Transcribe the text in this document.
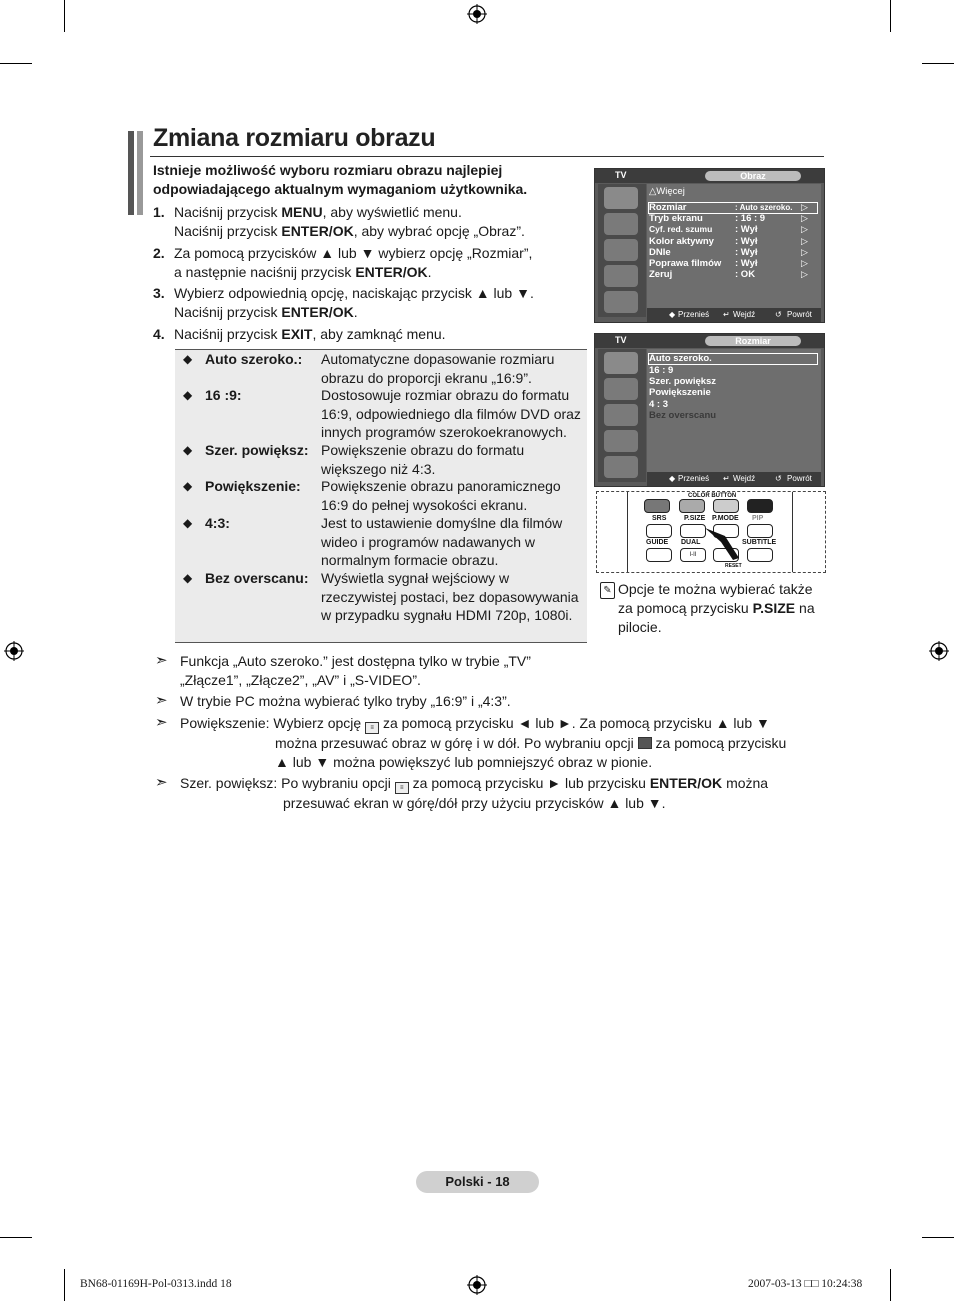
Zmiana rozmiaru obrazu
Istnieje możliwość wyboru rozmiaru obrazu najlepiej odpowiadającego aktualnym wymaganiom użytkownika.
1. Naciśnij przycisk MENU, aby wyświetlić menu.
Naciśnij przycisk ENTER/OK, aby wybrać opcję „Obraz”.
2. Za pomocą przycisków ▲ lub ▼ wybierz opcję „Rozmiar”,
a następnie naciśnij przycisk ENTER/OK.
3. Wybierz odpowiednią opcję, naciskając przycisk ▲ lub ▼.
Naciśnij przycisk ENTER/OK.
4. Naciśnij przycisk EXIT, aby zamknąć menu.
◆ Auto szeroko.: Automatyczne dopasowanie rozmiaru obrazu do proporcji ekranu „16:9”.
◆ 16 :9:	Dostosowuje rozmiar obrazu do formatu 16:9, odpowiedniego dla filmów DVD oraz innych programów szerokoekranowych.
◆ Szer. powiększ: Powiększenie obrazu do formatu większego niż 4:3.
◆ Powiększenie: Powiększenie obrazu panoramicznego 16:9 do pełnej wysokości ekranu.
◆ 4:3:	Jest to ustawienie domyślne dla filmów wideo i programów nadawanych w normalnym formacie obrazu.
◆ Bez overscanu: Wyświetla sygnał wejściowy w rzeczywistej postaci, bez dopasowywania w przypadku sygnału HDMI 720p, 1080i.
TV	Obraz
△Więcej
Rozmiar	: Auto szeroko. ▷
Tryb ekranu	: 16 : 9	▷
Cyf. red. szumu : Wył	▷
Kolor aktywny : Wył	▷
DNIe	: Wył	▷
Poprawa filmów : Wył	▷
Zeruj	: OK	▷
◆ Przenieś ↵ Wejdź ↺ Powrót
TV	Rozmiar
Auto szeroko.
16 : 9
Szer. powiększ
Powiększenie
4 : 3
Bez overscanu
◆ Przenieś ↵ Wejdź ↺ Powrót
COLOR BUTTON
SRS	P.SIZE P.MODE PIP
GUIDE DUAL	SUBTITLE
I-II
RESET
✎ Opcje te można wybierać także za pomocą przycisku P.SIZE na pilocie.
➣ Funkcja „Auto szeroko.” jest dostępna tylko w trybie „TV”
„Złącze1”, „Złącze2”, „AV” i „S-VIDEO”.
➣ W trybie PC można wybierać tylko tryby „16:9” i „4:3”.
➣ Powiększenie: Wybierz opcję ≡ za pomocą przycisku ◄ lub ►. Za pomocą przycisku ▲ lub ▼
można przesuwać obraz w górę i w dół. Po wybraniu opcji za pomocą przycisku
▲ lub ▼ można powiększyć lub pomniejszyć obraz w pionie.
➣ Szer. powiększ: Po wybraniu opcji ≡ za pomocą przycisku ► lub przycisku ENTER/OK można
przesuwać ekran w górę/dół przy użyciu przycisków ▲ lub ▼.
Polski - 18
BN68-01169H-Pol-0313.indd 18	2007-03-13 □□ 10:24:38
